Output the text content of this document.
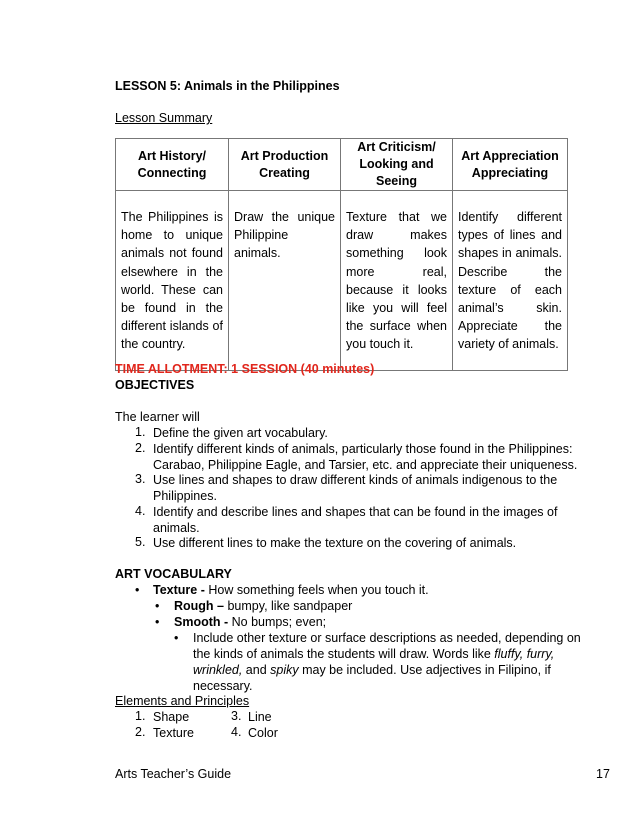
LESSON 5: Animals in the Philippines
Lesson Summary
Art History/ Connecting	Art Production Creating	Art Criticism/ Looking and Seeing	Art Appreciation Appreciating
The Philippines is home to unique animals not found elsewhere in the world. These can be found in the different islands of the country.	Draw the unique Philippine animals.	Texture that we draw makes something look more real, because it looks like you will feel the surface when you touch it.	Identify different types of lines and shapes in animals. Describe the texture of each animal’s skin. Appreciate the variety of animals.
TIME ALLOTMENT: 1 SESSION (40 minutes)
OBJECTIVES
The learner will
1. Define the given art vocabulary.
2. Identify different kinds of animals, particularly those found in the Philippines:
Carabao, Philippine Eagle, and Tarsier, etc. and appreciate their uniqueness.
3. Use lines and shapes to draw different kinds of animals indigenous to the
Philippines.
4. Identify and describe lines and shapes that can be found in the images of
animals.
5. Use different lines to make the texture on the covering of animals.
ART VOCABULARY
• Texture - How something feels when you touch it.
• Rough – bumpy, like sandpaper
• Smooth - No bumps; even;
• Include other texture or surface descriptions as needed, depending on
the kinds of animals the students will draw. Words like fluffy, furry,
wrinkled, and spiky may be included. Use adjectives in Filipino, if
necessary.
Elements and Principles
1. Shape	3. Line
2. Texture	4. Color
Arts Teacher’s Guide	17
